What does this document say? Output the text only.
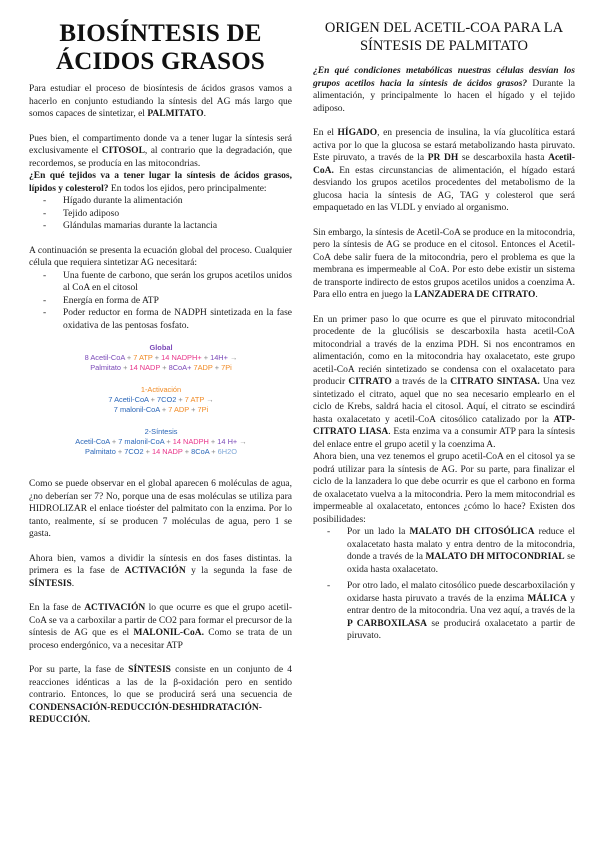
BIOSÍNTESIS DE
ÁCIDOS GRASOS

Para estudiar el proceso de biosíntesis de ácidos grasos vamos a hacerlo en conjunto estudiando la síntesis del AG más largo que somos capaces de sintetizar, el PALMITATO.

Pues bien, el compartimento donde va a tener lugar la síntesis será exclusivamente el CITOSOL, al contrario que la degradación, que recordemos, se producía en las mitocondrias.

¿En qué tejidos va a tener lugar la síntesis de ácidos grasos, lípidos y colesterol? En todos los ejidos, pero principalmente:

- Hígado durante la alimentación
- Tejido adiposo
- Glándulas mamarias durante la lactancia

A continuación se presenta la ecuación global del proceso. Cualquier célula que requiera sintetizar AG necesitará:

- Una fuente de carbono, que serán los grupos acetilos unidos al CoA en el citosol
- Energía en forma de ATP
- Poder reductor en forma de NADPH sintetizada en la fase oxidativa de las pentosas fosfato.
Global
8 Acetil-CoA + 7 ATP + 14 NADPH+ + 14H+ →
Palmitato + 14 NADP + 8CoA+ 7ADP + 7Pi
1-Activación
7 Acetil-CoA + 7CO2 + 7 ATP →
7 malonil-CoA + 7 ADP + 7Pi
2-Síntesis
Acetil-CoA + 7 malonil-CoA + 14 NADPH + 14 H+ →
Palmitato + 7CO2 + 14 NADP + 8CoA + 6H2O

Como se puede observar en el global aparecen 6 moléculas de agua, ¿no deberían ser 7? No, porque una de esas moléculas se utiliza para HIDROLIZAR el enlace tioéster del palmitato con la enzima. Por lo tanto, realmente, sí se producen 7 moléculas de agua, pero 1 se gasta.

Ahora bien, vamos a dividir la síntesis en dos fases distintas. la primera es la fase de ACTIVACIÓN y la segunda la fase de SÍNTESIS.

En la fase de ACTIVACIÓN lo que ocurre es que el grupo acetil-CoA se va a carboxilar a partir de CO2 para formar el precursor de la síntesis de AG que es el MALONIL-CoA. Como se trata de un proceso endergónico, va a necesitar ATP

Por su parte, la fase de SÍNTESIS consiste en un conjunto de 4 reacciones idénticas a las de la β-oxidación pero en sentido contrario. Entonces, lo que se producirá será una secuencia de

CONDENSACIÓN-REDUCCIÓN-DESHIDRATACIÓN-REDUCCIÓN.

ORIGEN DEL ACETIL-COA PARA LA SÍNTESIS DE PALMITATO

¿En qué condiciones metabólicas nuestras células desvían los grupos acetilos hacia la síntesis de ácidos grasos? Durante la alimentación, y principalmente lo hacen el hígado y el tejido adiposo.

En el HÍGADO, en presencia de insulina, la vía glucolítica estará activa por lo que la glucosa se estará metabolizando hasta piruvato. Este piruvato, a través de la PR DH se descarboxila hasta Acetil-CoA. En estas circunstancias de alimentación, el hígado estará desviando los grupos acetilos procedentes del metabolismo de la glucosa hacia la síntesis de AG, TAG y colesterol que será empaquetado en las VLDL y enviado al organismo.

Sin embargo, la síntesis de Acetil-CoA se produce en la mitocondria, pero la síntesis de AG se produce en el citosol. Entonces el Acetil-CoA debe salir fuera de la mitocondria, pero el problema es que la membrana es impermeable al CoA. Por esto debe existir un sistema de transporte indirecto de estos grupos acetilos unidos a coenzima A. Para ello entra en juego la LANZADERA DE CITRATO.

En un primer paso lo que ocurre es que el piruvato mitocondrial procedente de la glucólisis se descarboxila hasta acetil-CoA mitocondrial a través de la enzima PDH. Si nos encontramos en alimentación, como en la mitocondria hay oxalacetato, este grupo acetil-CoA recién sintetizado se condensa con el oxalacetato para producir CITRATO a través de la CITRATO SINTASA. Una vez sintetizado el citrato, aquel que no sea necesario emplearlo en el ciclo de Krebs, saldrá hacia el citosol. Aquí, el citrato se escindirá hasta oxalacetato y acetil-CoA citosólico catalizado por la ATP-CITRATO LIASA. Esta enzima va a consumir ATP para la síntesis del enlace entre el grupo acetil y la coenzima A.

Ahora bien, una vez tenemos el grupo acetil-CoA en el citosol ya se podrá utilizar para la síntesis de AG. Por su parte, para finalizar el ciclo de la lanzadera lo que debe ocurrir es que el carbono en forma de oxalacetato vuelva a la mitocondria. Pero la mem mitocondrial es impermeable al oxalacetato, entonces ¿cómo lo hace? Existen dos posibilidades:

- Por un lado la MALATO DH CITOSÓLICA reduce el oxalacetato hasta malato y entra dentro de la mitocondria, donde a través de la MALATO DH MITOCONDRIAL se oxida hasta oxalacetato.
- Por otro lado, el malato citosólico puede descarboxilación y oxidarse hasta piruvato a través de la enzima MÁLICA y entrar dentro de la mitocondria. Una vez aquí, a través de la P CARBOXILASA se producirá oxalacetato a partir de piruvato.
